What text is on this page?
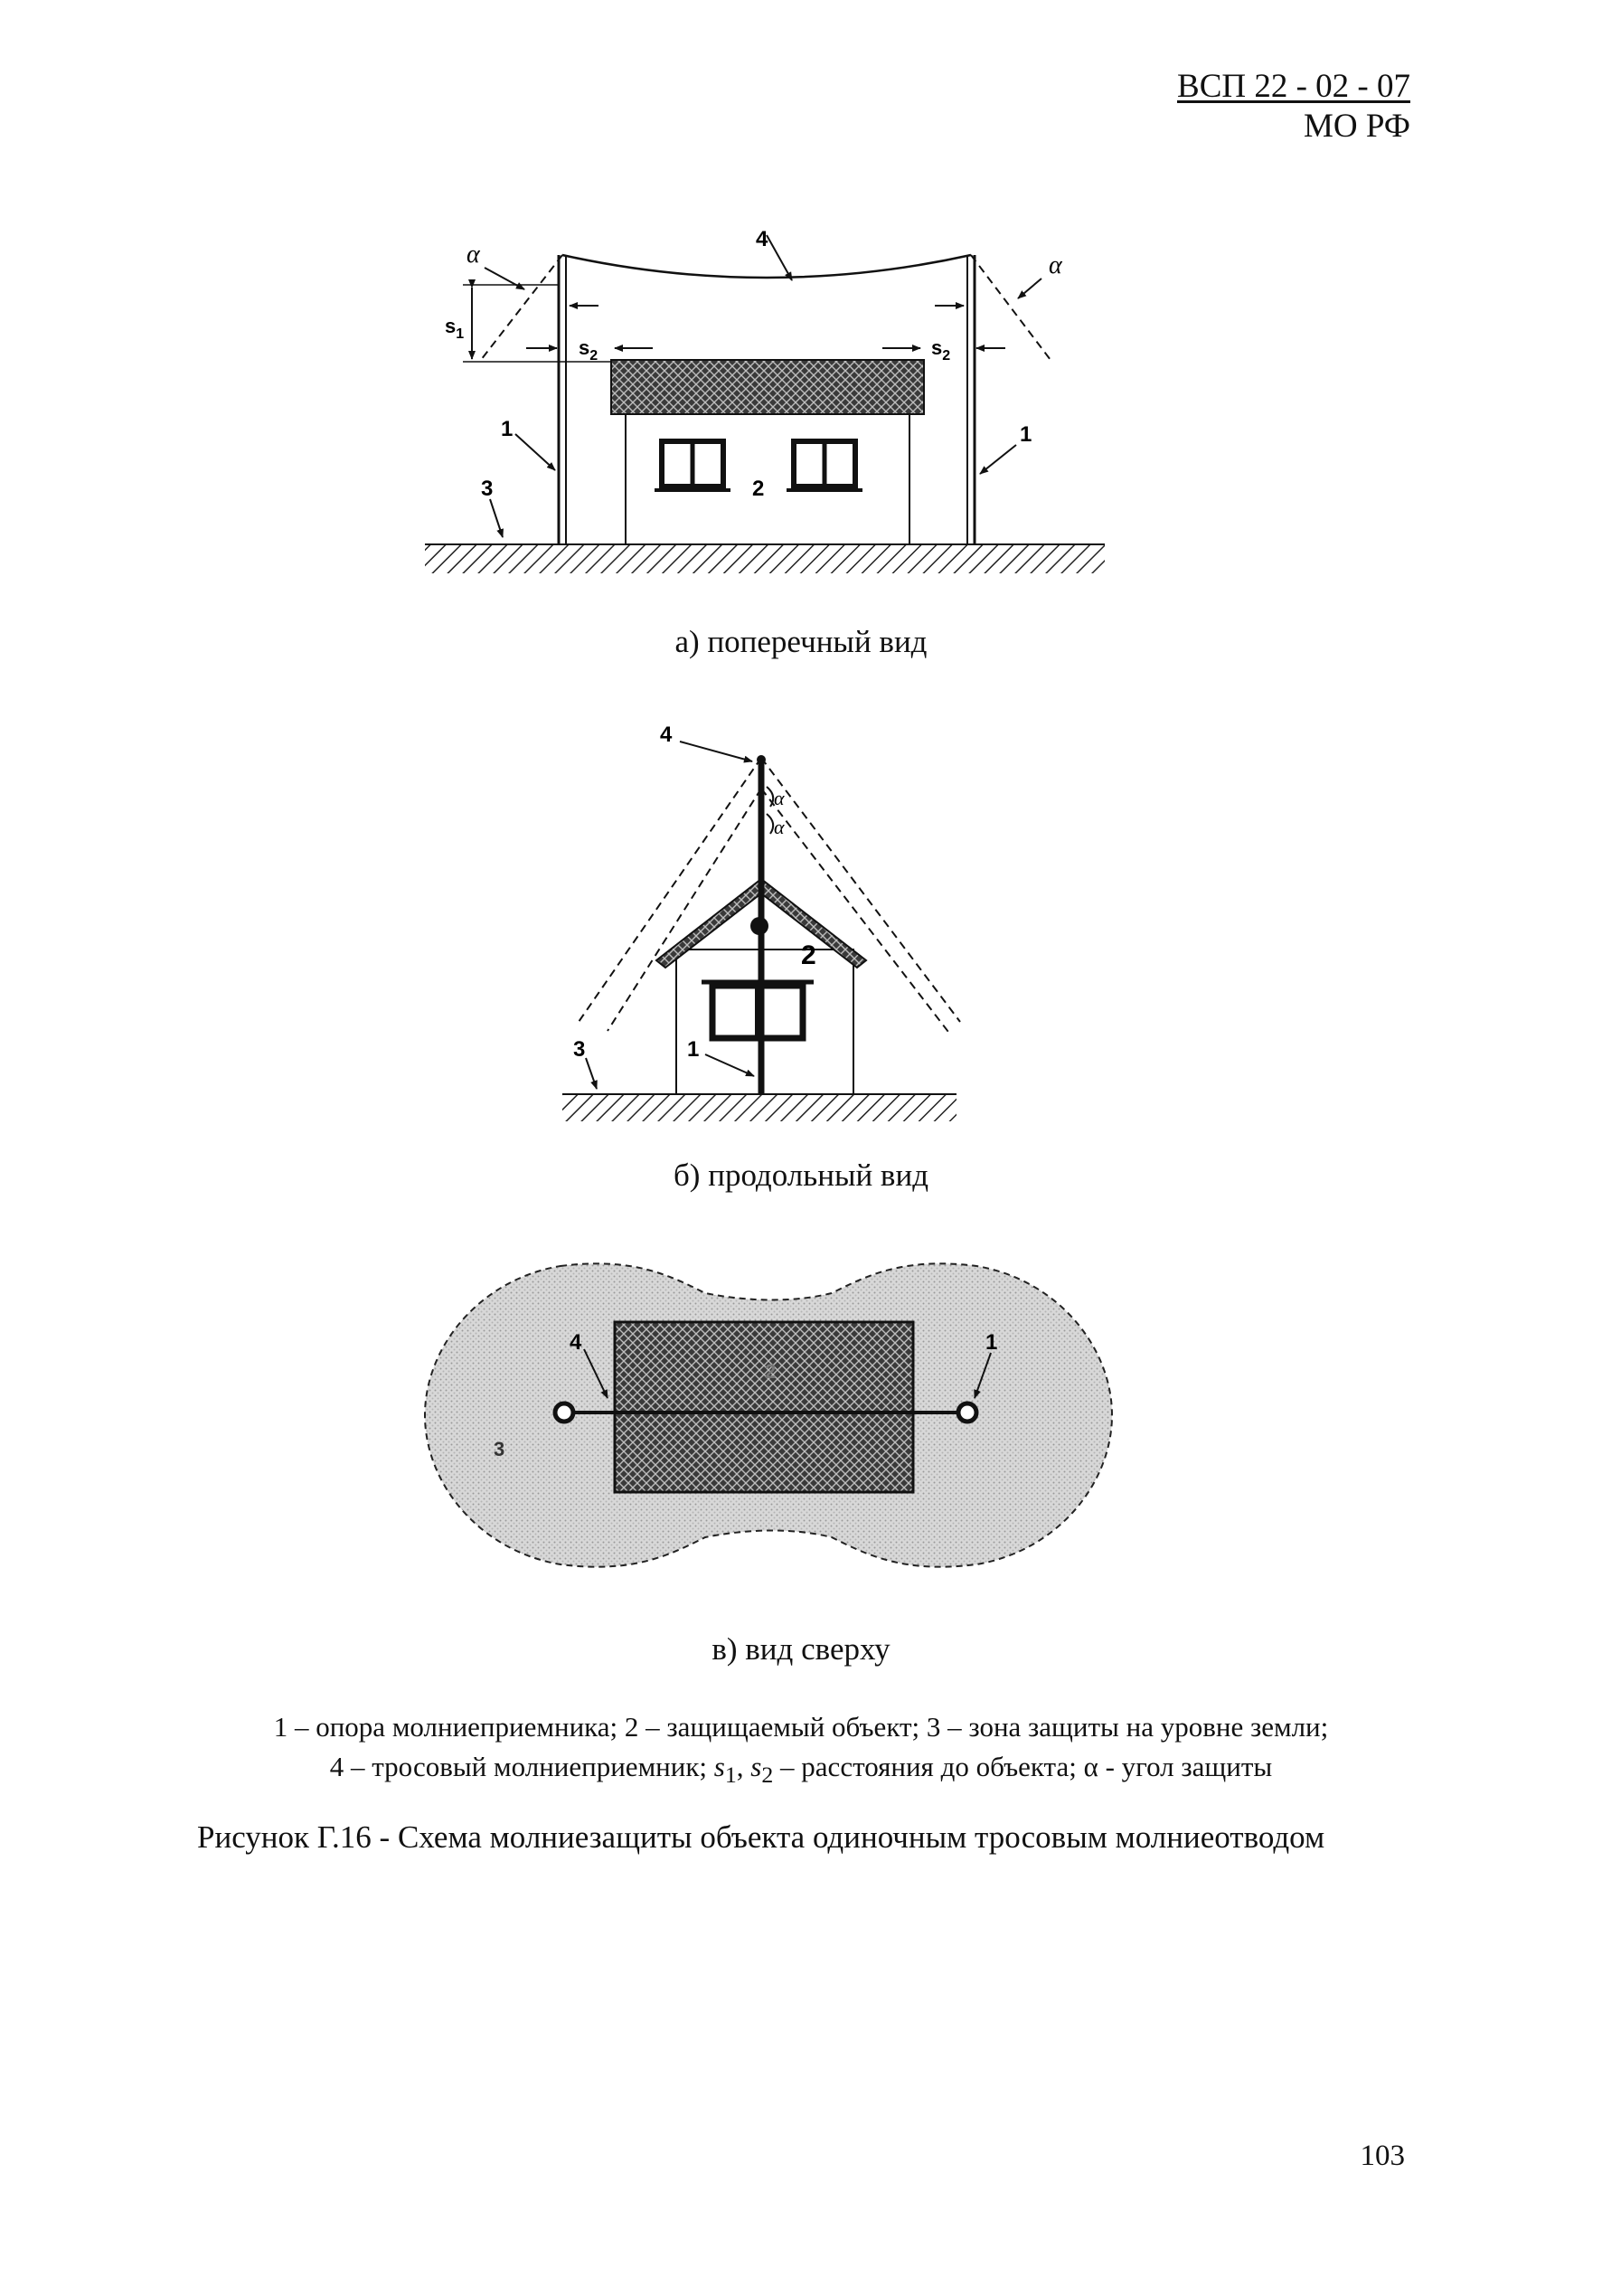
ВСП 22 - 02 - 07
МО РФ
$s_1$
$s_2$	$s_2$
α	α
4
1	1
2
3
а) поперечный вид
α
α
4
2
1
3
б) продольный вид
2
3
4	1
в) вид сверху
1 – опора молниеприемника; 2 – защищаемый объект; 3 – зона защиты на уровне земли;
4 – тросовый молниеприемник; $s_1$, $s_2$ – расстояния до объекта; α - угол защиты
Рисунок Г.16 - Схема молниезащиты объекта одиночным тросовым молниеотводом
103
